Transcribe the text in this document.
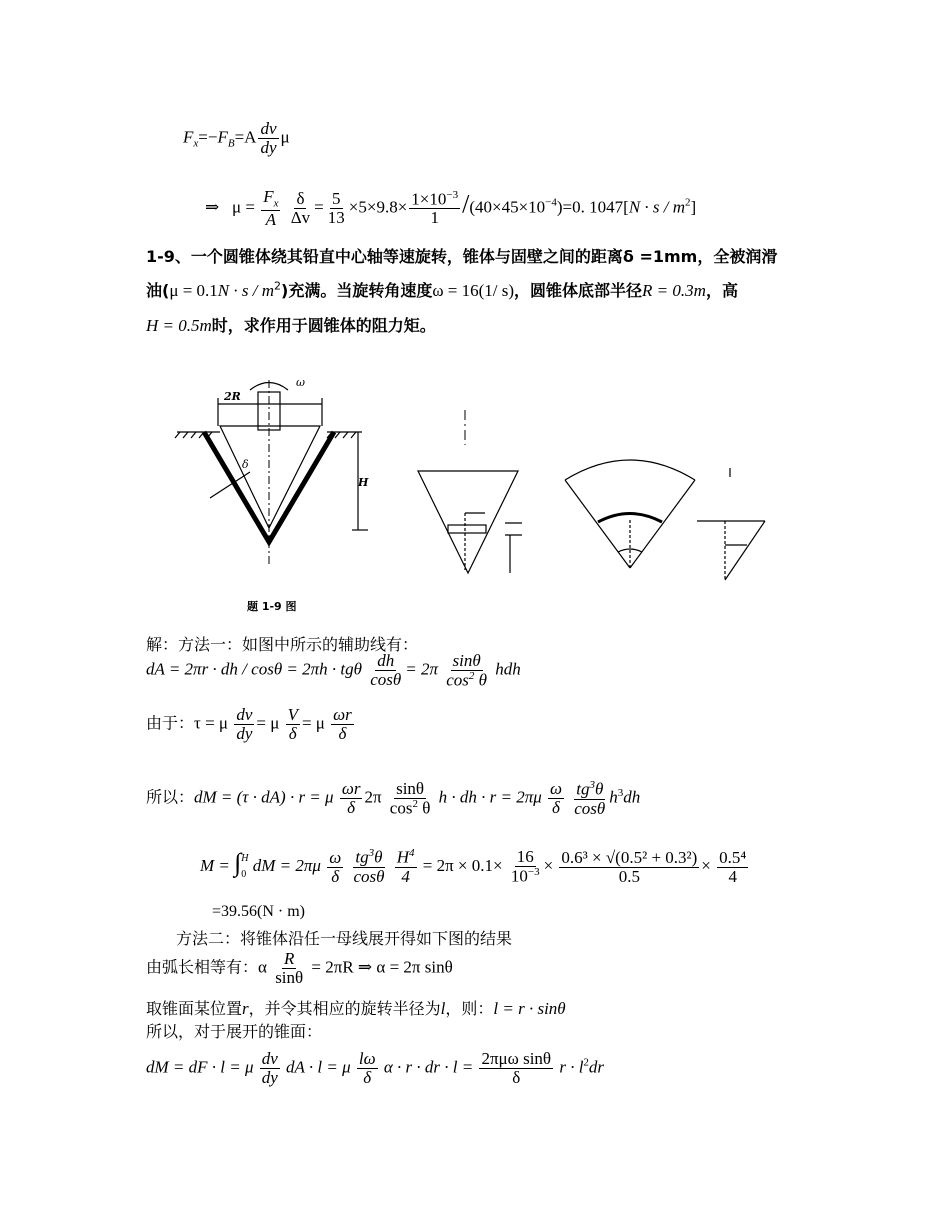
$F_x=-F_B=A \frac{dv}{dy}$ μ
⇒ $\mu = \frac{F_x}{A}$
$\frac{\delta}{\Delta v} = \frac{5}{13} \times 5\times 9.8\times \frac{1\times 10^{-3}}{1} /(40\times 45\times 10^{-4})=0$. $1047[N \cdot s / m^2]$
1-9、一个圆锥体绕其铅直中心轴等速旋转，锥体与固壁之间的距离δ =1mm，全被润滑
油$(\mu = 0.1N \cdot s / m^2)$充满。当旋转角速度ω = 16(1/ s)，圆锥体底部半径R = 0.3m，高
H = 0.5m时，求作用于圆锥体的阻力矩。
ω
2R
δ
H
题 1-9 图
解：方法一：如图中所示的辅助线有：
dA = 2πr · dh / cosθ = 2πh · tgθ $\frac{dh}{\cos\theta} = 2\pi \frac{\sin\theta}{\cos^2 \theta}$ hdh
由于：τ = μ $\frac{dv}{dy} = \mu \frac{V}{\delta} = \mu \frac{\omega r}{\delta}$
所以：dM = (τ · dA) · r = μ $\frac{\omega r}{\delta} 2\pi \frac{\sin\theta}{\cos^2 \theta}$ h · dh · $r = 2\pi\mu \frac{\omega}{\delta}$
$\frac{tg^3\theta}{\cos\theta} h^3dh$
M = ∫ H
0 dM = $2\pi\mu \frac{\omega}{\delta}$
$\frac{tg^3\theta}{\cos\theta}$
$\frac{H^4}{4} = 2\pi \times 0.1\times \frac{16}{10^{-3}} \times \frac{\text{0.6³ × √(0.5² + 0.3²)}}{0.5} \times \frac{\text{0.5⁴}}{4}$
=39.56(N · m)
方法二：将锥体沿任一母线展开得如下图的结果
由弧长相等有：α $\frac{R}{\sin\theta} = 2\pi R$ ⇒ α = 2π sinθ
取锥面某位置r，并令其相应的旋转半径为l，则：l = r · sinθ
所以，对于展开的锥面：
dM = dF · l = μ $\frac{dv}{dy}$ dA · l = μ $\frac{l\omega}{\delta}$ α · r · dr · $l = \frac{\text{2πμω sinθ}}{\delta}$ $r \cdot l^2dr$
